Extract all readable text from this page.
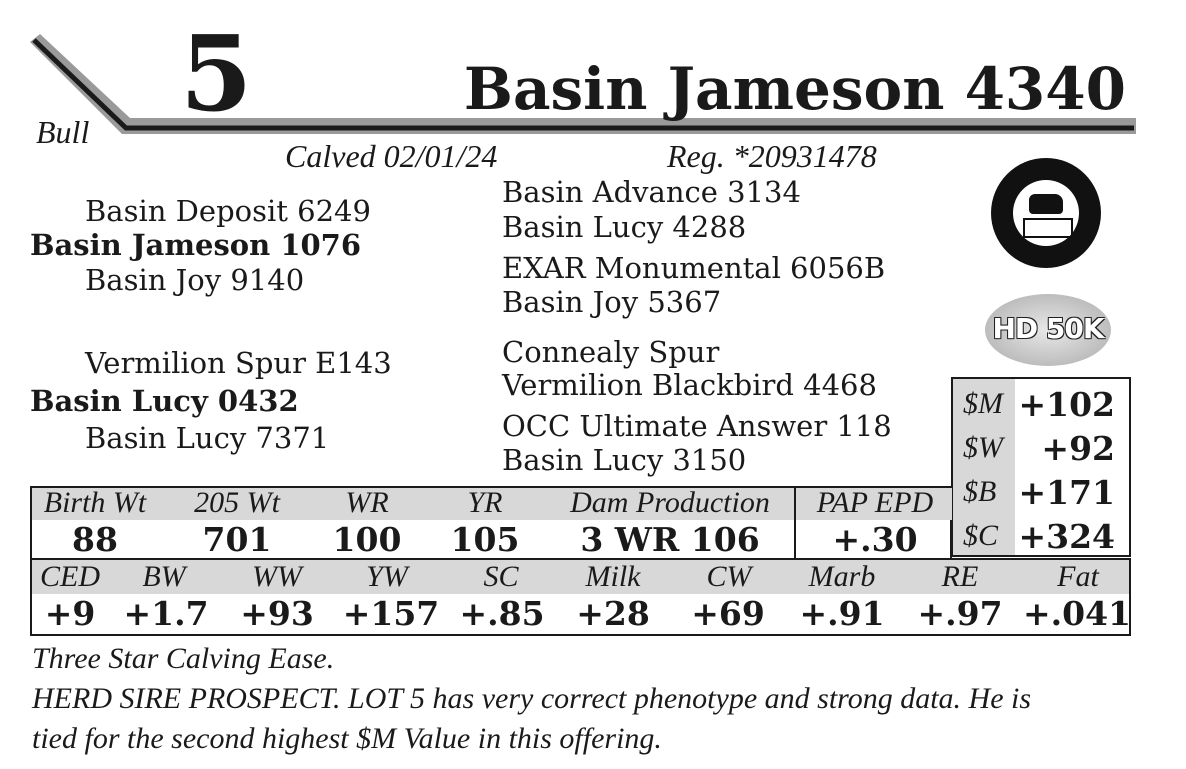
5	Basin Jameson 4340
Bull
Calved 02/01/24	Reg. *20931478
Basin Deposit 6249
Basin Jameson 1076
Basin Joy 9140
Basin Advance 3134
Basin Lucy 4288
EXAR Monumental 6056B
Basin Joy 5367
Vermilion Spur E143
Basin Lucy 0432
Basin Lucy 7371
Connealy Spur
Vermilion Blackbird 4468
OCC Ultimate Answer 118
Basin Lucy 3150
HD 50K
$M +102
$W +92
$B +171
$C +324
Birth Wt	205 Wt	WR	YR	Dam Production	PAP EPD
88	701	100	105	3 WR 106	+.30
CED	BW	WW	YW	SC	Milk	CW	Marb	RE	Fat
+9 +1.7 +93 +157 +.85 +28	+69	+.91 +.97 +.041
Three Star Calving Ease.
HERD SIRE PROSPECT. LOT 5 has very correct phenotype and strong data. He is
tied for the second highest $M Value in this offering.
